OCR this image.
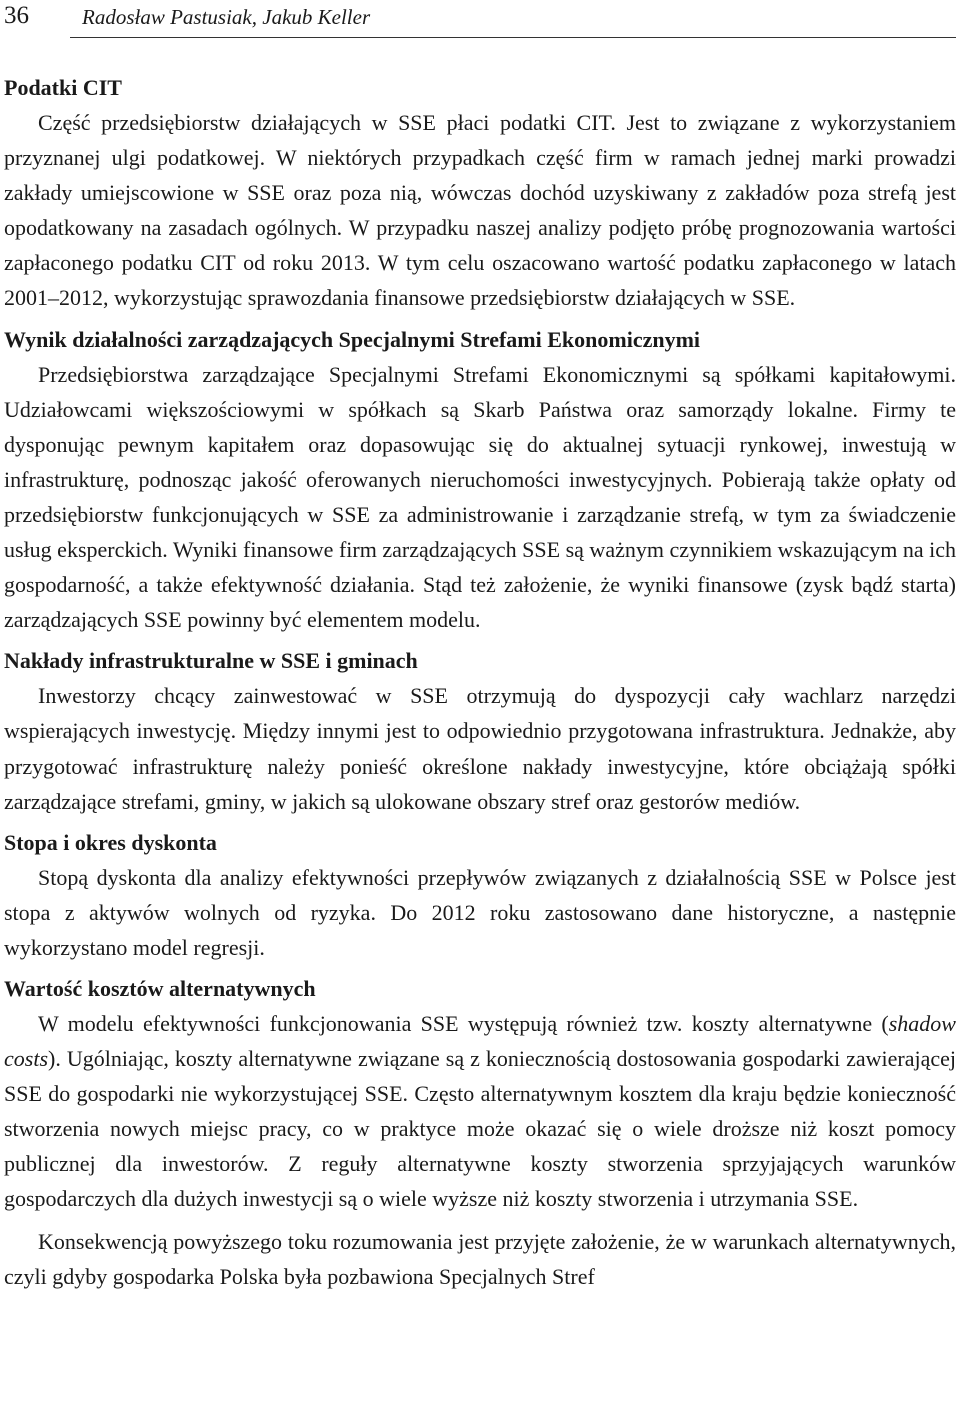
36	Radosław Pastusiak, Jakub Keller
Podatki CIT

Część przedsiębiorstw działających w SSE płaci podatki CIT. Jest to związane z wykorzystaniem przyznanej ulgi podatkowej. W niektórych przypadkach część firm w ramach jednej marki prowadzi zakłady umiejscowione w SSE oraz poza nią, wówczas dochód uzyskiwany z zakładów poza strefą jest opodatkowany na zasadach ogólnych. W przypadku naszej analizy podjęto próbę prognozowania wartości zapłaconego podatku CIT od roku 2013. W tym celu oszacowano wartość podatku zapłaconego w latach 2001–2012, wykorzystując sprawozdania finansowe przedsiębiorstw działających w SSE.

Wynik działalności zarządzających Specjalnymi Strefami Ekonomicznymi

Przedsiębiorstwa zarządzające Specjalnymi Strefami Ekonomicznymi są spółkami kapitałowymi. Udziałowcami większościowymi w spółkach są Skarb Państwa oraz samorządy lokalne. Firmy te dysponując pewnym kapitałem oraz dopasowując się do aktualnej sytuacji rynkowej, inwestują w infrastrukturę, podnosząc jakość oferowanych nieruchomości inwestycyjnych. Pobierają także opłaty od przedsiębiorstw funkcjonujących w SSE za administrowanie i zarządzanie strefą, w tym za świadczenie usług eksperckich. Wyniki finansowe firm zarządzających SSE są ważnym czynnikiem wskazującym na ich gospodarność, a także efektywność działania. Stąd też założenie, że wyniki finansowe (zysk bądź starta) zarządzających SSE powinny być elementem modelu.

Nakłady infrastrukturalne w SSE i gminach

Inwestorzy chcący zainwestować w SSE otrzymują do dyspozycji cały wachlarz narzędzi wspierających inwestycję. Między innymi jest to odpowiednio przygotowana infrastruktura. Jednakże, aby przygotować infrastrukturę należy ponieść określone nakłady inwestycyjne, które obciążają spółki zarządzające strefami, gminy, w jakich są ulokowane obszary stref oraz gestorów mediów.

Stopa i okres dyskonta

Stopą dyskonta dla analizy efektywności przepływów związanych z działalnością SSE w Polsce jest stopa z aktywów wolnych od ryzyka. Do 2012 roku zastosowano dane historyczne, a następnie wykorzystano model regresji.

Wartość kosztów alternatywnych

W modelu efektywności funkcjonowania SSE występują również tzw. koszty alternatywne (shadow costs). Ugólniając, koszty alternatywne związane są z koniecznością dostosowania gospodarki zawierającej SSE do gospodarki nie wykorzystującej SSE. Często alternatywnym kosztem dla kraju będzie konieczność stworzenia nowych miejsc pracy, co w praktyce może okazać się o wiele droższe niż koszt pomocy publicznej dla inwestorów. Z reguły alternatywne koszty stworzenia sprzyjających warunków gospodarczych dla dużych inwestycji są o wiele wyższe niż koszty stworzenia i utrzymania SSE.

Konsekwencją powyższego toku rozumowania jest przyjęte założenie, że w warunkach alternatywnych, czyli gdyby gospodarka Polska była pozbawiona Specjalnych Stref
